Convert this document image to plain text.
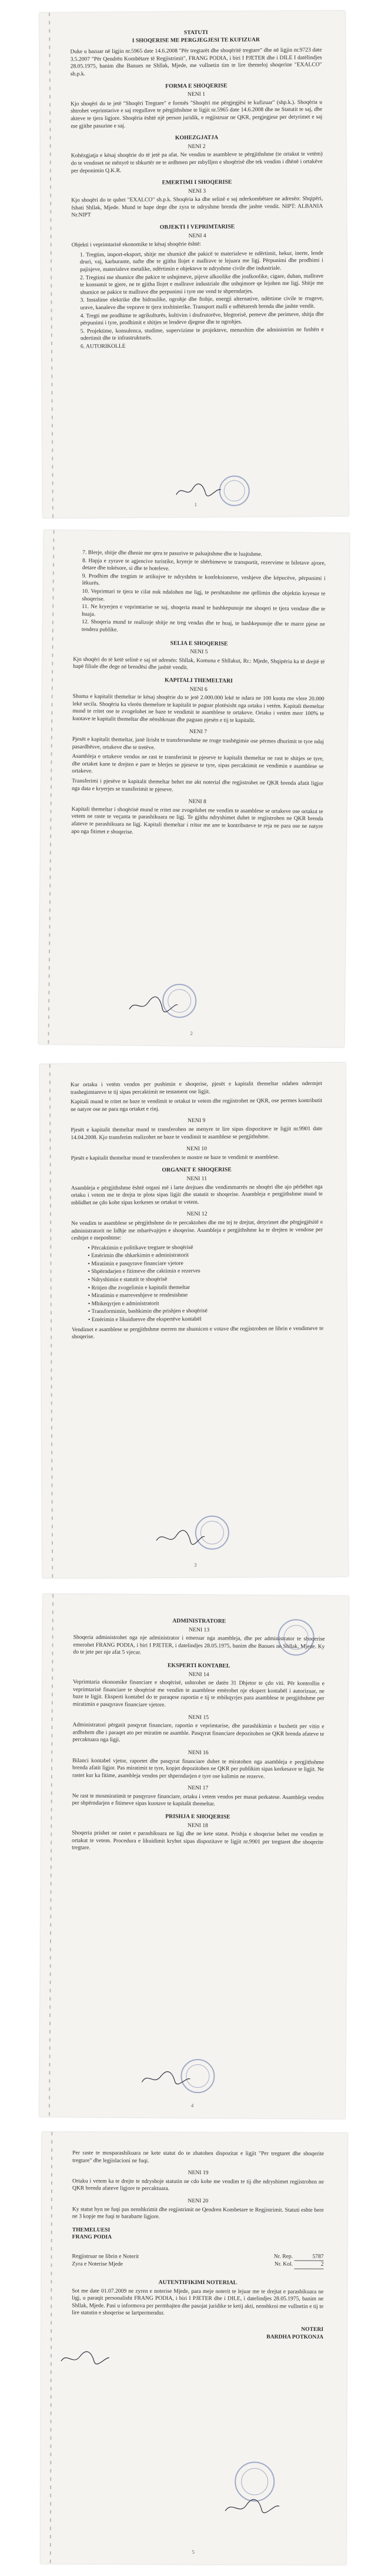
STATUTI

I SHOQERISE ME PERGJEGJESI TE KUFIZUAR

Duke u bazuar në ligjin nr.5965 date 14.6.2008 "Për tregtarët dhe shoqëritë tregtare" dhe në ligjin nr.9723 date 3.5.2007 "Për Qendrën Kombëtare të Regjistrimit", FRANG PODIA, i biri I PJETER dhe i DILE I datëlindjes 28.05.1975, banim dhe Banues ne Shllak, Mjede, me vullnetin tim te lire themeloj shoqerine "EXALCO" sh.p.k.

FORMA E SHOQERISE
NENI 1

Kjo shoqëri do te jetë "Shoqëri Tregtare" e formës "Shoqëri me përgjegjësi te kufizuar" (shp.k.). Shoqëria u shtrohet veprimtarive e saj rregullave te përgjithshme te ligjit nr.5965 date 14.6.2008 dhe ne Statutit te saj, dhe akteve te tjera ligjore. Shoqëria është një person juridik, e regjistruar ne QKR, pergjegjese per detyrimet e saj me gjithe pasurine e saj.

KOHEZGJATJA
NENI 2

Kohëzgjatja e kësaj shoqërie do të jetë pa afat. Ne vendim te asambleve te përgjithshme (te ortakut te vetëm) do te vendoset ne mënyrë te shkurtër ne te ardhmen per mbylljen e shoqërisë dhe tek vendim i dhënë i ortakëve per deponimin Q.K.R.

EMERTIMI I SHOQERISE
NENI 3

Kjo shoqëri do te quhet "EXALCO" sh.p.k. Shoqëria ka dhe selinë e saj nderkombëtare ne adresën: Shqipëri, fshati Shllak, Mjede. Mund te hape dege dhe zyra te ndryshme brenda dhe jashte vendit. NIPT: ALBANIA Nr.NIPT

OBJEKTI I VEPRIMTARISE
NENI 4

Objekti i veprimtarisë ekonomike te kësaj shoqërie është:

1. Tregtim, import-eksport, shitje me shumicë dhe pakicë te materialeve te ndërtimit, hekur, inerte, lende druri, vaj, karburante, nafte dhe te gjitha llojet e mallrave te lejuara me ligj. Përpunimi dhe prodhimi i pajisjeve, materialeve metalike, ndërtimin e objekteve te ndryshme civile dhe industriale.
2. Tregtimi me shumice dhe pakice te ushqimeve, pijeve alkoolike dhe joalkoolike, cigare, duhan, mallrave te konsumit te gjere, ne te gjitha llojet e mallrave industriale dhe ushqimore qe lejohen me ligj. Shitje me shumice ne pakice te mallrave dhe perpunimi i tyre me vend te shperndarjes.
3. Instalime elektrike dhe hidraulike, ngrohje dhe ftohje, energji alternative, ndërtime civile te rrugeve, urave, kanaleve dhe veprave te tjera inxhinierike. Transport malli e udhëtaresh brenda dhe jashte vendit.
4. Tregti me prodhime te agrikulturës, kultivim i drufrutorëve, blegtorisë, pemeve dhe perimeve, shitja dhe përpunimi i tyre, prodhimit e shitjes se lendeve djegese dhe te ngrohjes.
5. Projektime, konsulenca, studime, supervizime te projekteve, menaxhim dhe administrim ne fushën e ndertimit dhe te infrastrukturës.
6. AUTORIKOLLE
1
7. Blerje, shitje dhe dhenie me qera te pasurive te paluajtshme dhe te luajtshme.
8. Hapja e zyrave te agjencive turistike, kryerje te shërbimeve te transportit, rezervime te biletave ajrore, detare dhe tokësore, si dhe te hoteleve.
9. Prodhim dhe tregtim te artikujve te ndryshëm te konfeksioneve, veshjeve dhe këpucëve, përpunimi i lëkurës.
10. Veprimtari te tjera te cilat nuk ndalohen me ligj, te pershtatshme me qellimin dhe objektin kryesor te shoqerise.
11. Ne kryerjen e veprimtarise se saj, shoqeria mund te bashkepunoje me shoqeri te tjera vendase dhe te huaja.
12. Shoqeria mund te realizoje shitje ne treg vendas dhe te huaj, te bashkepunoje dhe te marre pjese ne tendera publike.
SELIA E SHOQERISE
NENI 5

Kjo shoqëri do të ketë selinë e saj në adresën: Shllak, Komuna e Shllakut, Rr.: Mjede, Shqipëria ka të drejtë të hapë filiale dhe dege në brendësi dhe jashtë vendit.

KAPITALI THEMELTARI
NENI 6

Shuma e kapitalit themeltar te kësaj shoqërie do te jetë 2.000.000 lekë te ndara ne 100 kuota me vlere 20.000 lekë secila. Shoqëria ka vlerën themelore te kapitalit te paguar plotësisht nga ortaku i vetëm. Kapitali themeltar mund te rritet ose te zvogelohet ne baze te vendimit te asamblese te ortakeve. Ortaku i vetëm merr 100% te kuotave te kapitalit themeltar dhe nënshkruan dhe paguan pjesën e tij te kapitalit.

NENI 7

Pjesët e kapitalit themeltar, janë lirisht te transferueshme ne rruge trashëgimie ose përmes dhurimit te tyre ndaj pasardhësve, ortakeve dhe te tretëve.

Asambleja e ortakeve vendos ne rast te transferimit te pjeseve te kapitalit themeltar ne rast te shitjes se tyre, dhe ortaket kane te drejten e pare te blerjes se pjeseve te tyre, sipas percaktimit ne vendimin e asamblese se ortakeve.

Transferimi i pjesëve te kapitalit themeltar behet me akt noterial dhe regjistrohet ne QKR brenda afatit ligjor nga data e kryerjes se transferimit te pjeseve.

NENI 8

Kapitali themeltar i shoqërisë mund te rritet ose zvogelohet me vendim te asamblese se ortakeve ose ortakut te vetem ne raste te veçanta te parashikuara ne ligj. Te gjitha ndryshimet duhet te regjistrohen ne QKR brenda afateve te parashikuara ne ligj. Kapitali themeltar i rritur me ane te kontributeve te reja ne para ose ne natyre apo nga fitimet e shoqerise.

2

Kur ortaku i vetëm vendos per pushimin e shoqerise, pjesët e kapitalit themeltar ndahen ndermjet trashegimtareve te tij sipas percaktimit ne testament ose ligjit.

Kapitali mund te rritet ne baze te vendimit te ortakut te vetem dhe regjistrohet ne QKR, ose permes kontributit ne natyre ose ne para nga ortaket e rinj.

NENI 9

Pjesët e kapitalit themeltar mund te transferohen ne menyre te lire sipas dispozitave te ligjit nr.9901 date 14.04.2008. Kjo transferim realizohet ne baze te vendimit te asamblese se pergjithshme.

NENI 10

Pjesët e kapitalit themeltar mund te transferohen te mostre ne baze te vendimit te asamblese.

ORGANET E SHOQERISE
NENI 11

Asambleja e përgjithshme është organi më i larte drejtues dhe vendimmarrës ne shoqëri dhe ajo përbëhet nga ortaku i vetem me te drejta te plota sipas ligjit dhe statutit te shoqerise. Asambleja e pergjithshme mund te mblidhet ne çdo kohe sipas kerkeses se ortakut te vetem.

NENI 12

Ne vendim te asamblese se përgjithshme do te percaktohen dhe me tej te drejtat, detyrimet dhe përgjegjësitë e administratorit ne lidhje me mbarëvajtjen e shoqerise. Asambleja e pergjithshme ka te drejten te vendose per ceshtjet e meposhtme:

• Përcaktimin e politikave tregtare te shoqërisë
• Emërimin dhe shkarkimin e administratorit
• Miratimin e pasqyrave financiare vjetore
• Shpërndarjen e fitimeve dhe caktimin e rezerves
• Ndryshimin e statutit te shoqërisë
• Rritjen dhe zvogelimin e kapitalit themeltar
• Miratimin e marreveshjeve te rendesishme
• Mbikeqyrjen e administratorit
• Transformimin, bashkimin dhe prishjen e shoqërisë
• Emërimin e likuiduesve dhe ekspertëve kontabël

Vendimet e asamblese se pergjithshme merren me shumicen e votave dhe regjistrohen ne librin e vendimeve te shoqerise.

3
ADMINISTRATORE
NENI 13

Shoqeria administrohet nga nje administrator i emeruar nga asambleja, dhe per administrator te shoqerise emerohet FRANG PODIA, i biri I PJETER, i datelindjes 28.05.1975, banim dhe Banues ne Shllak, Mjede. Ky do te jete per nje afat 5 vjecar.

EKSPERTI KONTABEL
NENI 14

Veprimtaria ekonomike financiare e shoqërisë, ushtrohet ne datën 31 Dhjetor te çdo viti. Për kontrollin e veprimtarisë financiare te shoqërisë me vendim te asamblese emërohet nje ekspert kontabël i autorizuar, ne baze te ligjit. Eksperti kontabel do te paraqese raportin e tij te mbikqyrjes para asamblese te pergjithshme per miratimin e pasqyrave financiare vjetore.

NENI 15

Administratori përgatit pasqyrat financiare, raportin e veprimtarise, dhe parashikimin e buxhetit per vitin e ardhshem dhe i paraqet ato per miratim ne asamble. Pasqyrat financiare depozitohen ne QKR brenda afateve te percaktuara nga ligji.

NENI 16

Bilanci kontabel vjetor, raportet dhe pasqyrat financiare duhet te miratohen nga asambleja e pergjithshme brenda afatit ligjor. Pas miratimit te tyre, kopjet depozitohen ne QKR per publikim sipas kerkesave te ligjit. Ne rastet kur ka fitime, asambleja vendos per shperndarjen e tyre ose kalimin ne rezerve.

NENI 17

Ne rast te mosmiratimit te pasqyrave financiare, ortaku i vetem vendos per masat perkatese. Asambleja vendos per shpërndarjen e fitimeve sipas kuotave te kapitalit themeltar.

PRISHJA E SHOQERISE
NENI 18

Shoqeria prishet ne rastet e parashikuara ne ligj dhe ne kete statut. Prishja e shoqerise behet me vendim te ortakut te vetem. Procedura e likuidimit kryhet sipas dispozitave te ligjit nr.9901 per tregtaret dhe shoqerite tregtare.

4

Per raste te mosparashikuara ne kete statut do te zbatohen dispozitat e ligjit "Per tregtaret dhe shoqerite tregtare" dhe legjislacioni ne fuqi.

NENI 19

Ortaku i vetem ka te drejte te ndryshoje statutin ne cdo kohe me vendim te tij dhe ndryshimet regjistrohen ne QKR brenda afateve ligjore te percaktuara.

NENI 20

Ky statut hyn ne fuqi pas nenshkrimit dhe regjistrimit ne Qendren Kombetare te Regjistrimit. Statuti eshte bere ne 3 kopje me fuqi te barabarte ligjore.

THEMELUESI
FRANG PODIA
Regjistruar ne librin e Noterit
Zyra e Noterise Mjede
Nr. Rep.	5787
Nr. Kol.	2
AUTENTIFIKIMI NOTERIAL

Sot me date 01.07.2009 ne zyren e noterise Mjede, para meje noterit te lejuar me te drejtat e parashikuara ne ligj, u paraqit personalisht FRANG PODIA, i biri I PJETER dhe i DILE, i datelindjes 28.05.1975, banim ne Shllak, Mjede. Pasi u informova per permbajten dhe pasojat juridike te ketij akti, nenshkroi me vullnetin e tij te lire statutin e shoqerise se lartpermendur.

NOTERI
BARDHA POTKONJA
5
